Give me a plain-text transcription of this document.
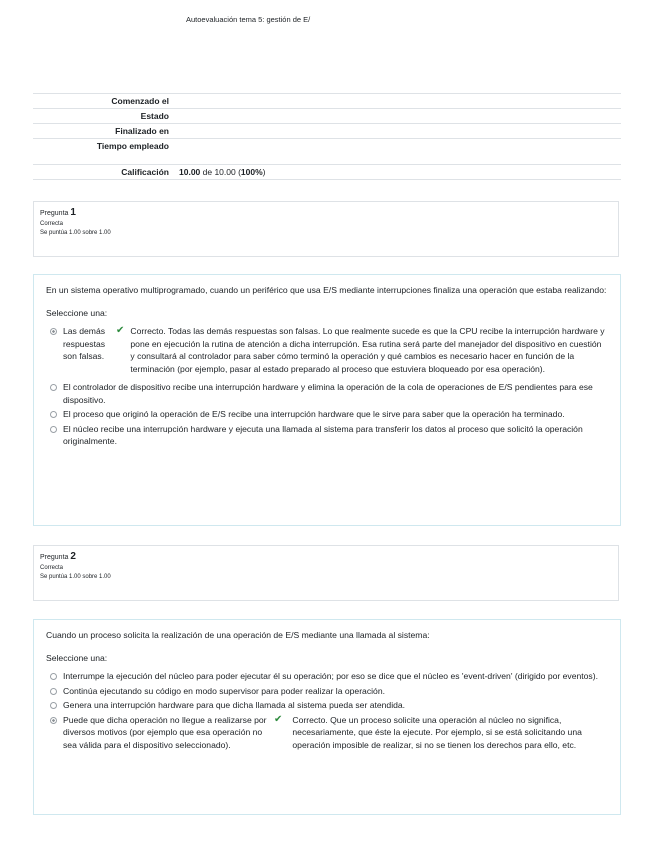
Autoevaluación tema 5: gestión de E/
Comenzado el	
Estado	
Finalizado en	
Tiempo empleado	
Calificación	10.00 de 10.00 (100%)
Pregunta 1
Correcta
Se puntúa 1.00 sobre 1.00
En un sistema operativo multiprogramado, cuando un periférico que usa E/S mediante interrupciones finaliza una operación que estaba realizando:
Seleccione una:
Las demás respuestas son falsas.
✔ Correcto. Todas las demás respuestas son falsas. Lo que realmente sucede es que la CPU recibe la interrupción hardware y pone en ejecución la rutina de atención a dicha interrupción. Esa rutina será parte del manejador del dispositivo en cuestión y consultará al controlador para saber cómo terminó la operación y qué cambios es necesario hacer en función de la terminación (por ejemplo, pasar al estado preparado al proceso que estuviera bloqueado por esa operación).
El controlador de dispositivo recibe una interrupción hardware y elimina la operación de la cola de operaciones de E/S pendientes para ese dispositivo.
El proceso que originó la operación de E/S recibe una interrupción hardware que le sirve para saber que la operación ha terminado.
El núcleo recibe una interrupción hardware y ejecuta una llamada al sistema para transferir los datos al proceso que solicitó la operación originalmente.
Pregunta 2
Correcta
Se puntúa 1.00 sobre 1.00
Cuando un proceso solicita la realización de una operación de E/S mediante una llamada al sistema:
Seleccione una:
Interrumpe la ejecución del núcleo para poder ejecutar él su operación; por eso se dice que el núcleo es 'event-driven' (dirigido por eventos).
Continúa ejecutando su código en modo supervisor para poder realizar la operación.
Genera una interrupción hardware para que dicha llamada al sistema pueda ser atendida.
Puede que dicha operación no llegue a realizarse por diversos motivos (por ejemplo que esa operación no sea válida para el dispositivo seleccionado).
✔ Correcto. Que un proceso solicite una operación al núcleo no significa, necesariamente, que éste la ejecute. Por ejemplo, si se está solicitando una operación imposible de realizar, si no se tienen los derechos para ello, etc.
